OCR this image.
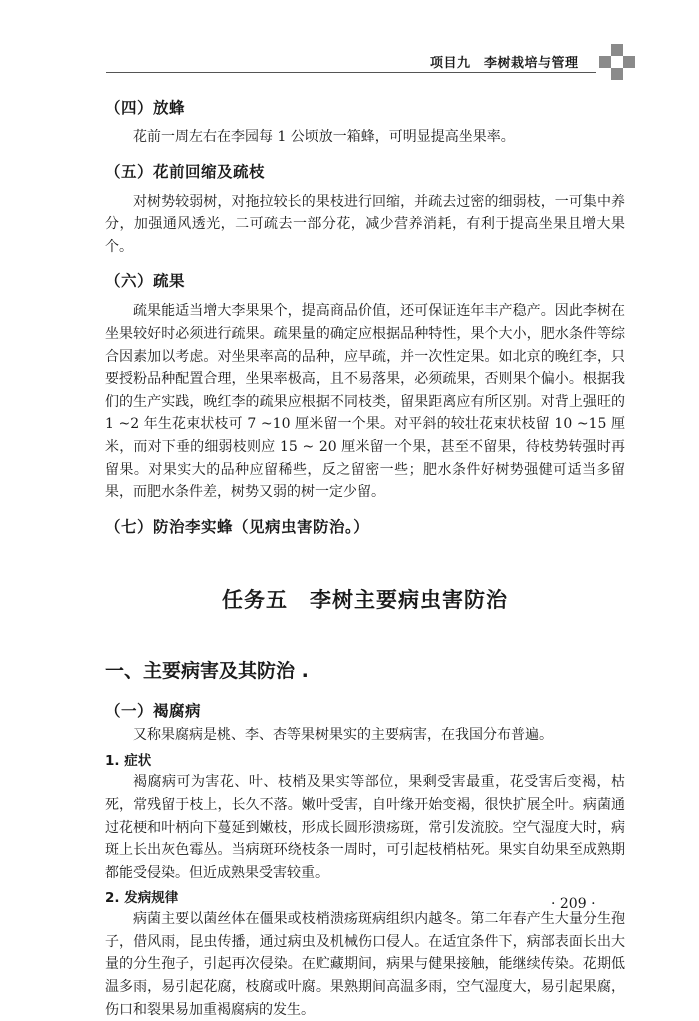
项目九　李树栽培与管理
（四）放蜂

花前一周左右在李园每 1 公顷放一箱蜂，可明显提高坐果率。

（五）花前回缩及疏枝

对树势较弱树，对拖拉较长的果枝进行回缩，并疏去过密的细弱枝，一可集中养分，加强通风透光，二可疏去一部分花，减少营养消耗，有利于提高坐果且增大果个。

（六）疏果

疏果能适当增大李果果个，提高商品价值，还可保证连年丰产稳产。因此李树在坐果较好时必须进行疏果。疏果量的确定应根据品种特性，果个大小，肥水条件等综合因素加以考虑。对坐果率高的品种，应早疏，并一次性定果。如北京的晚红李，只要授粉品种配置合理，坐果率极高，且不易落果，必须疏果，否则果个偏小。根据我们的生产实践，晚红李的疏果应根据不同枝类，留果距离应有所区别。对背上强旺的 1 ~2 年生花束状枝可 7 ~10 厘米留一个果。对平斜的较壮花束状枝留 10 ~15 厘米，而对下垂的细弱枝则应 15 ~ 20 厘米留一个果，甚至不留果，待枝势转强时再留果。对果实大的品种应留稀些，反之留密一些；肥水条件好树势强健可适当多留果，而肥水条件差，树势又弱的树一定少留。

（七）防治李实蜂（见病虫害防治。）
任务五　李树主要病虫害防治
一、主要病害及其防治 .
（一）褐腐病

又称果腐病是桃、李、杏等果树果实的主要病害，在我国分布普遍。

1. 症状

褐腐病可为害花、叶、枝梢及果实等部位，果剩受害最重，花受害后变褐，枯死，常残留于枝上，长久不落。嫩叶受害，自叶缘开始变褐，很快扩展全叶。病菌通过花梗和叶柄向下蔓延到嫩枝，形成长圆形溃疡斑，常引发流胶。空气湿度大时，病斑上长出灰色霉丛。当病斑环绕枝条一周时，可引起枝梢枯死。果实自幼果至成熟期都能受侵染。但近成熟果受害较重。

2. 发病规律

病菌主要以菌丝体在僵果或枝梢溃疡斑病组织内越冬。第二年春产生大量分生孢子，借风雨，昆虫传播，通过病虫及机械伤口侵人。在适宜条件下，病部表面长出大量的分生孢子，引起再次侵染。在贮藏期间，病果与健果接触，能继续传染。花期低温多雨，易引起花腐，枝腐或叶腐。果熟期间高温多雨，空气湿度大，易引起果腐，伤口和裂果易加重褐腐病的发生。

· 209 ·
